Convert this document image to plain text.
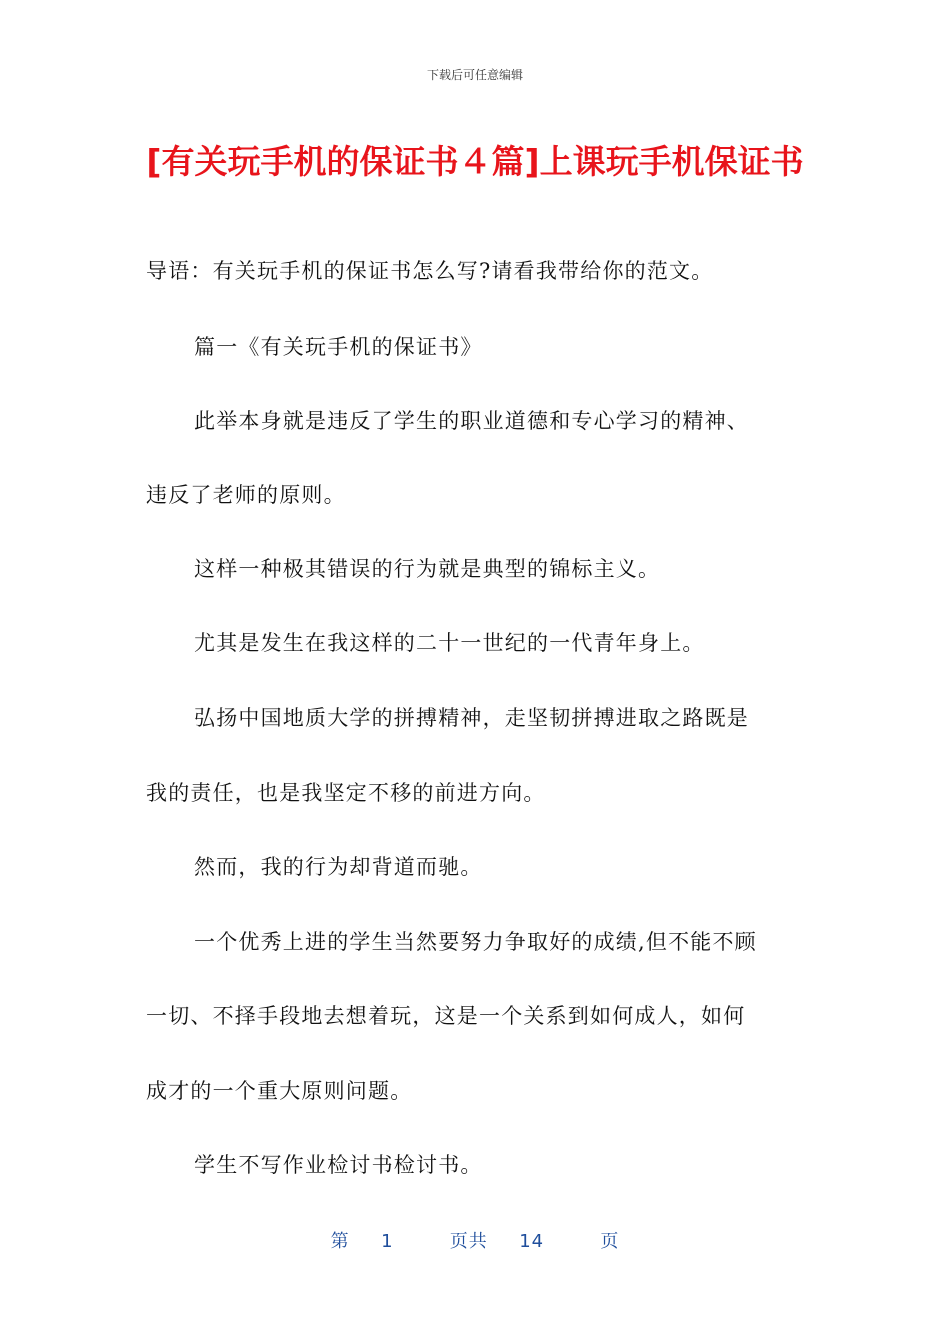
下载后可任意编辑
[有关玩手机的保证书４篇]上课玩手机保证书

导语：有关玩手机的保证书怎么写?请看我带给你的范文。

篇一《有关玩手机的保证书》

此举本身就是违反了学生的职业道德和专心学习的精神、

违反了老师的原则。

这样一种极其错误的行为就是典型的锦标主义。

尤其是发生在我这样的二十一世纪的一代青年身上。

弘扬中国地质大学的拼搏精神，走坚韧拼搏进取之路既是

我的责任，也是我坚定不移的前进方向。

然而，我的行为却背道而驰。

一个优秀上进的学生当然要努力争取好的成绩,但不能不顾

一切、不择手段地去想着玩，这是一个关系到如何成人，如何

成才的一个重大原则问题。

学生不写作业检讨书检讨书。

第 1	页共 14	页
